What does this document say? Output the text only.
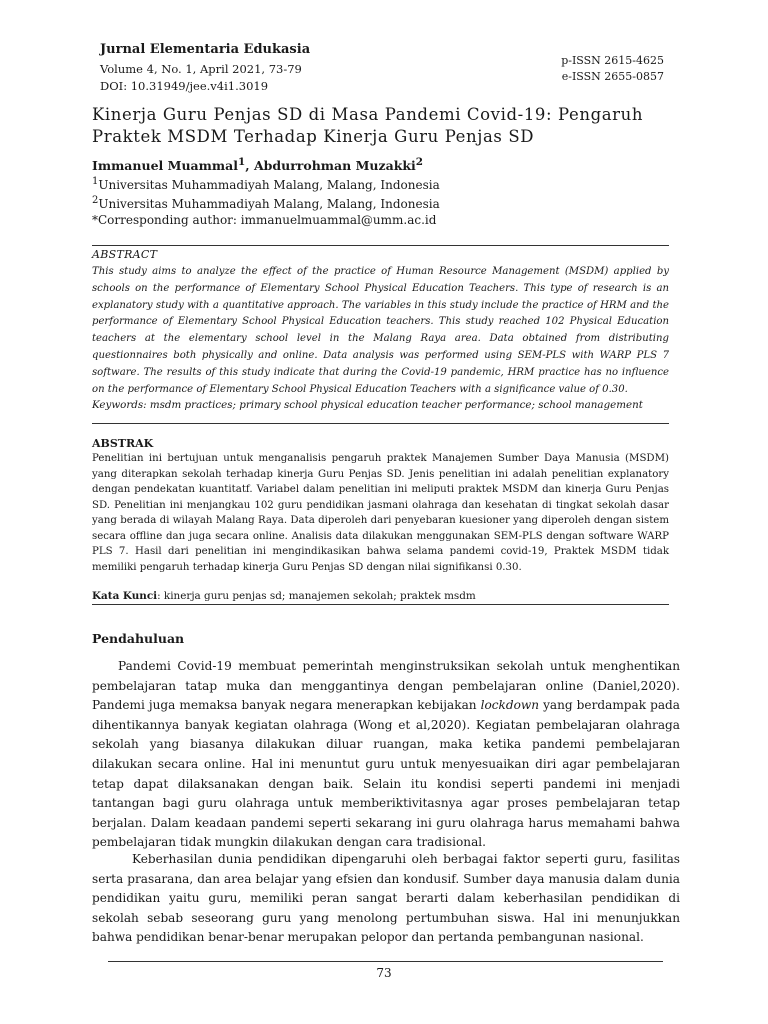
Jurnal Elementaria Edukasia
Volume 4, No. 1, April 2021, 73-79
DOI: 10.31949/jee.v4i1.3019
p-ISSN 2615-4625
e-ISSN 2655-0857
Kinerja Guru Penjas SD di Masa Pandemi Covid-19: Pengaruh Praktek MSDM Terhadap Kinerja Guru Penjas SD
Immanuel Muammal$^1$, Abdurrohman Muzakki$^2$
$^1$Universitas Muhammadiyah Malang, Malang, Indonesia
$^2$Universitas Muhammadiyah Malang, Malang, Indonesia
*Corresponding author: immanuelmuammal@umm.ac.id
ABSTRACT
This study aims to analyze the effect of the practice of Human Resource Management (MSDM) applied by schools on the performance of Elementary School Physical Education Teachers. This type of research is an explanatory study with a quantitative approach. The variables in this study include the practice of HRM and the performance of Elementary School Physical Education teachers. This study reached 102 Physical Education teachers at the elementary school level in the Malang Raya area. Data obtained from distributing questionnaires both physically and online. Data analysis was performed using SEM-PLS with WARP PLS 7 software. The results of this study indicate that during the Covid-19 pandemic, HRM practice has no influence on the performance of Elementary School Physical Education Teachers with a significance value of 0.30.
Keywords: msdm practices; primary school physical education teacher performance; school management
ABSTRAK
Penelitian ini bertujuan untuk menganalisis pengaruh praktek Manajemen Sumber Daya Manusia (MSDM) yang diterapkan sekolah terhadap kinerja Guru Penjas SD. Jenis penelitian ini adalah penelitian explanatory dengan pendekatan kuantitatf. Variabel dalam penelitian ini meliputi praktek MSDM dan kinerja Guru Penjas SD. Penelitian ini menjangkau 102 guru pendidikan jasmani olahraga dan kesehatan di tingkat sekolah dasar yang berada di wilayah Malang Raya. Data diperoleh dari penyebaran kuesioner yang diperoleh dengan sistem secara offline dan juga secara online. Analisis data dilakukan menggunakan SEM-PLS dengan software WARP PLS 7. Hasil dari penelitian ini mengindikasikan bahwa selama pandemi covid-19, Praktek MSDM tidak memiliki pengaruh terhadap kinerja Guru Penjas SD dengan nilai signifikansi 0.30.
Kata Kunci: kinerja guru penjas sd; manajemen sekolah; praktek msdm
Pendahuluan

Pandemi Covid-19 membuat pemerintah menginstruksikan sekolah untuk menghentikan pembelajaran tatap muka dan menggantinya dengan pembelajaran online (Daniel,2020). Pandemi juga memaksa banyak negara menerapkan kebijakan lockdown yang berdampak pada dihentikannya banyak kegiatan olahraga (Wong et al,2020). Kegiatan pembelajaran olahraga sekolah yang biasanya dilakukan diluar ruangan, maka ketika pandemi pembelajaran dilakukan secara online. Hal ini menuntut guru untuk menyesuaikan diri agar pembelajaran tetap dapat dilaksanakan dengan baik. Selain itu kondisi seperti pandemi ini menjadi tantangan bagi guru olahraga untuk memberiktivitasnya agar proses pembelajaran tetap berjalan. Dalam keadaan pandemi seperti sekarang ini guru olahraga harus memahami bahwa pembelajaran tidak mungkin dilakukan dengan cara tradisional.

Keberhasilan dunia pendidikan dipengaruhi oleh berbagai faktor seperti guru, fasilitas serta prasarana, dan area belajar yang efsien dan kondusif. Sumber daya manusia dalam dunia pendidikan yaitu guru, memiliki peran sangat berarti dalam keberhasilan pendidikan di sekolah sebab seseorang guru yang menolong pertumbuhan siswa. Hal ini menunjukkan bahwa pendidikan benar-benar merupakan pelopor dan pertanda pembangunan nasional.

73
